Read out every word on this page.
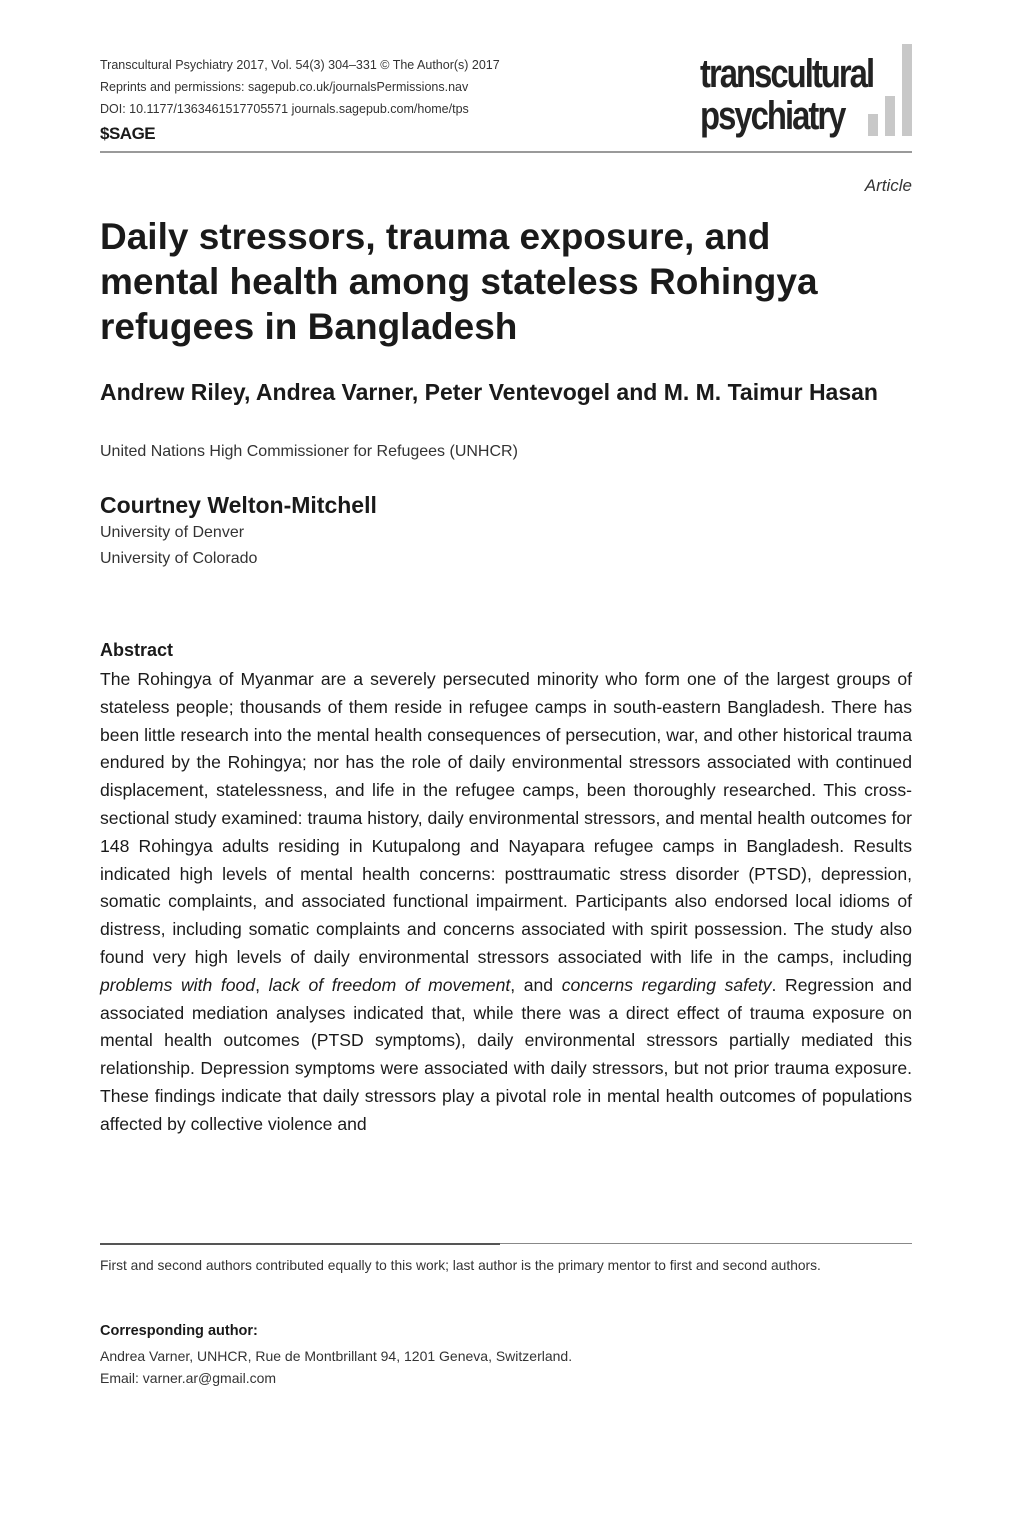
Transcultural Psychiatry 2017, Vol. 54(3) 304–331 © The Author(s) 2017
Reprints and permissions: sagepub.co.uk/journalsPermissions.nav
DOI: 10.1177/1363461517705571 journals.sagepub.com/home/tps
$SAGE
transcultural
psychiatry
Article
Daily stressors, trauma exposure, and mental health among stateless Rohingya refugees in Bangladesh

Andrew Riley, Andrea Varner, Peter Ventevogel and M. M. Taimur Hasan

United Nations High Commissioner for Refugees (UNHCR)
Courtney Welton-Mitchell
University of Denver
University of Colorado
Abstract

The Rohingya of Myanmar are a severely persecuted minority who form one of the largest groups of stateless people; thousands of them reside in refugee camps in south-eastern Bangladesh. There has been little research into the mental health consequences of persecution, war, and other historical trauma endured by the Rohingya; nor has the role of daily environmental stressors associated with continued displacement, statelessness, and life in the refugee camps, been thoroughly researched. This cross-sectional study examined: trauma history, daily environmental stressors, and mental health outcomes for 148 Rohingya adults residing in Kutupalong and Nayapara refugee camps in Bangladesh. Results indicated high levels of mental health concerns: posttraumatic stress disorder (PTSD), depression, somatic complaints, and associated functional impairment. Participants also endorsed local idioms of distress, including somatic complaints and concerns associated with spirit possession. The study also found very high levels of daily environmental stressors associated with life in the camps, including problems with food, lack of freedom of movement, and concerns regarding safety. Regression and associated mediation analyses indicated that, while there was a direct effect of trauma exposure on mental health outcomes (PTSD symptoms), daily environmental stressors partially mediated this relationship. Depression symptoms were associated with daily stressors, but not prior trauma exposure. These findings indicate that daily stressors play a pivotal role in mental health outcomes of populations affected by collective violence and

First and second authors contributed equally to this work; last author is the primary mentor to first and second authors.
Corresponding author:
Andrea Varner, UNHCR, Rue de Montbrillant 94, 1201 Geneva, Switzerland.
Email: varner.ar@gmail.com
